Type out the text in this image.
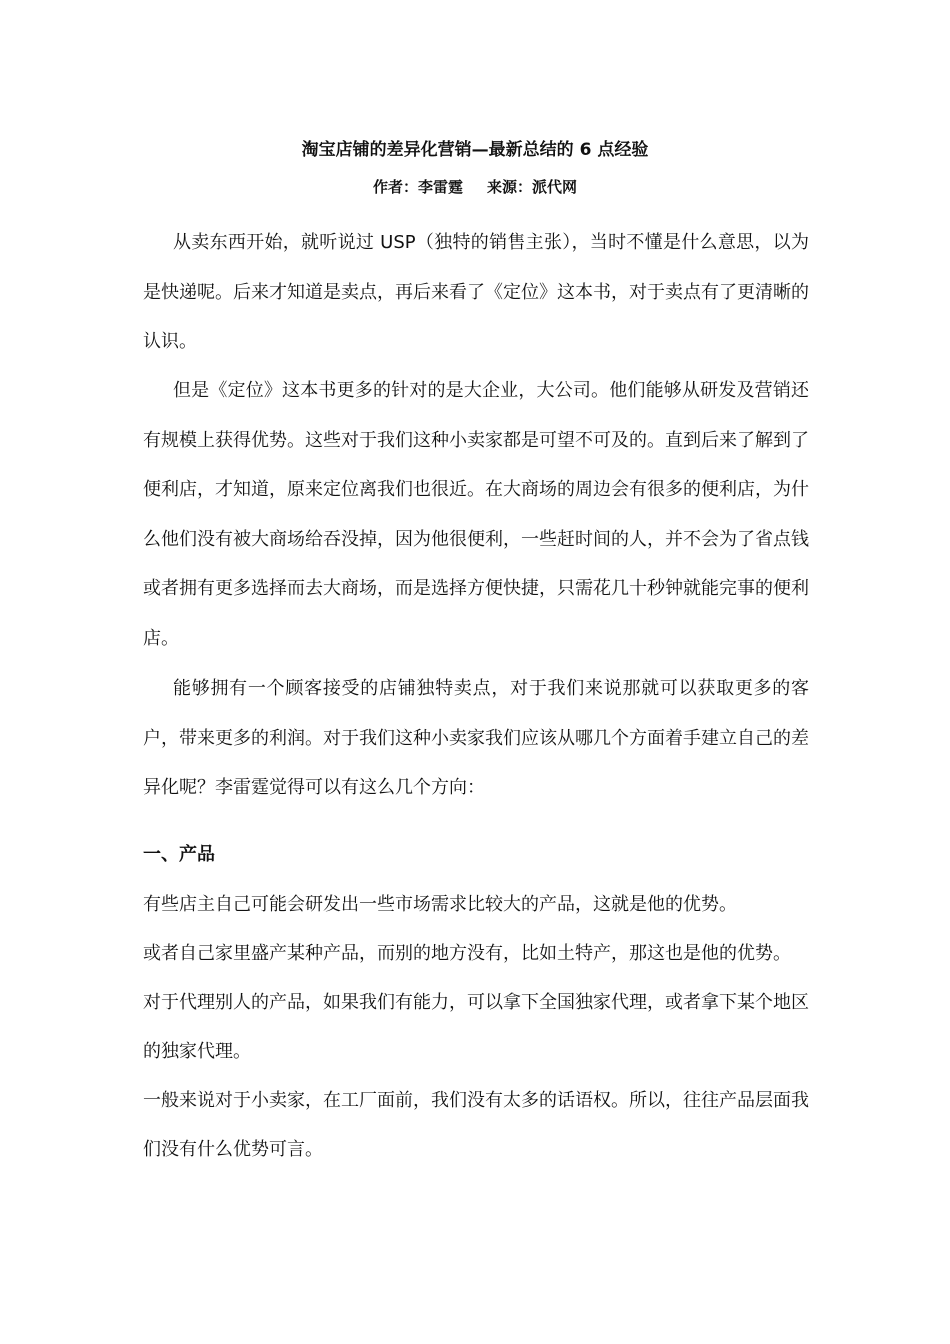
淘宝店铺的差异化营销—最新总结的 6 点经验
作者：李雷霆 来源：派代网

从卖东西开始，就听说过 USP（独特的销售主张），当时不懂是什么意思，以为是快递呢。后来才知道是卖点，再后来看了《定位》这本书，对于卖点有了更清晰的认识。

但是《定位》这本书更多的针对的是大企业，大公司。他们能够从研发及营销还有规模上获得优势。这些对于我们这种小卖家都是可望不可及的。直到后来了解到了便利店，才知道，原来定位离我们也很近。在大商场的周边会有很多的便利店，为什么他们没有被大商场给吞没掉，因为他很便利，一些赶时间的人，并不会为了省点钱或者拥有更多选择而去大商场，而是选择方便快捷，只需花几十秒钟就能完事的便利店。

能够拥有一个顾客接受的店铺独特卖点，对于我们来说那就可以获取更多的客户，带来更多的利润。对于我们这种小卖家我们应该从哪几个方面着手建立自己的差异化呢？李雷霆觉得可以有这么几个方向：

一、产品

有些店主自己可能会研发出一些市场需求比较大的产品，这就是他的优势。

或者自己家里盛产某种产品，而别的地方没有，比如土特产，那这也是他的优势。

对于代理别人的产品，如果我们有能力，可以拿下全国独家代理，或者拿下某个地区的独家代理。

一般来说对于小卖家，在工厂面前，我们没有太多的话语权。所以，往往产品层面我们没有什么优势可言。
